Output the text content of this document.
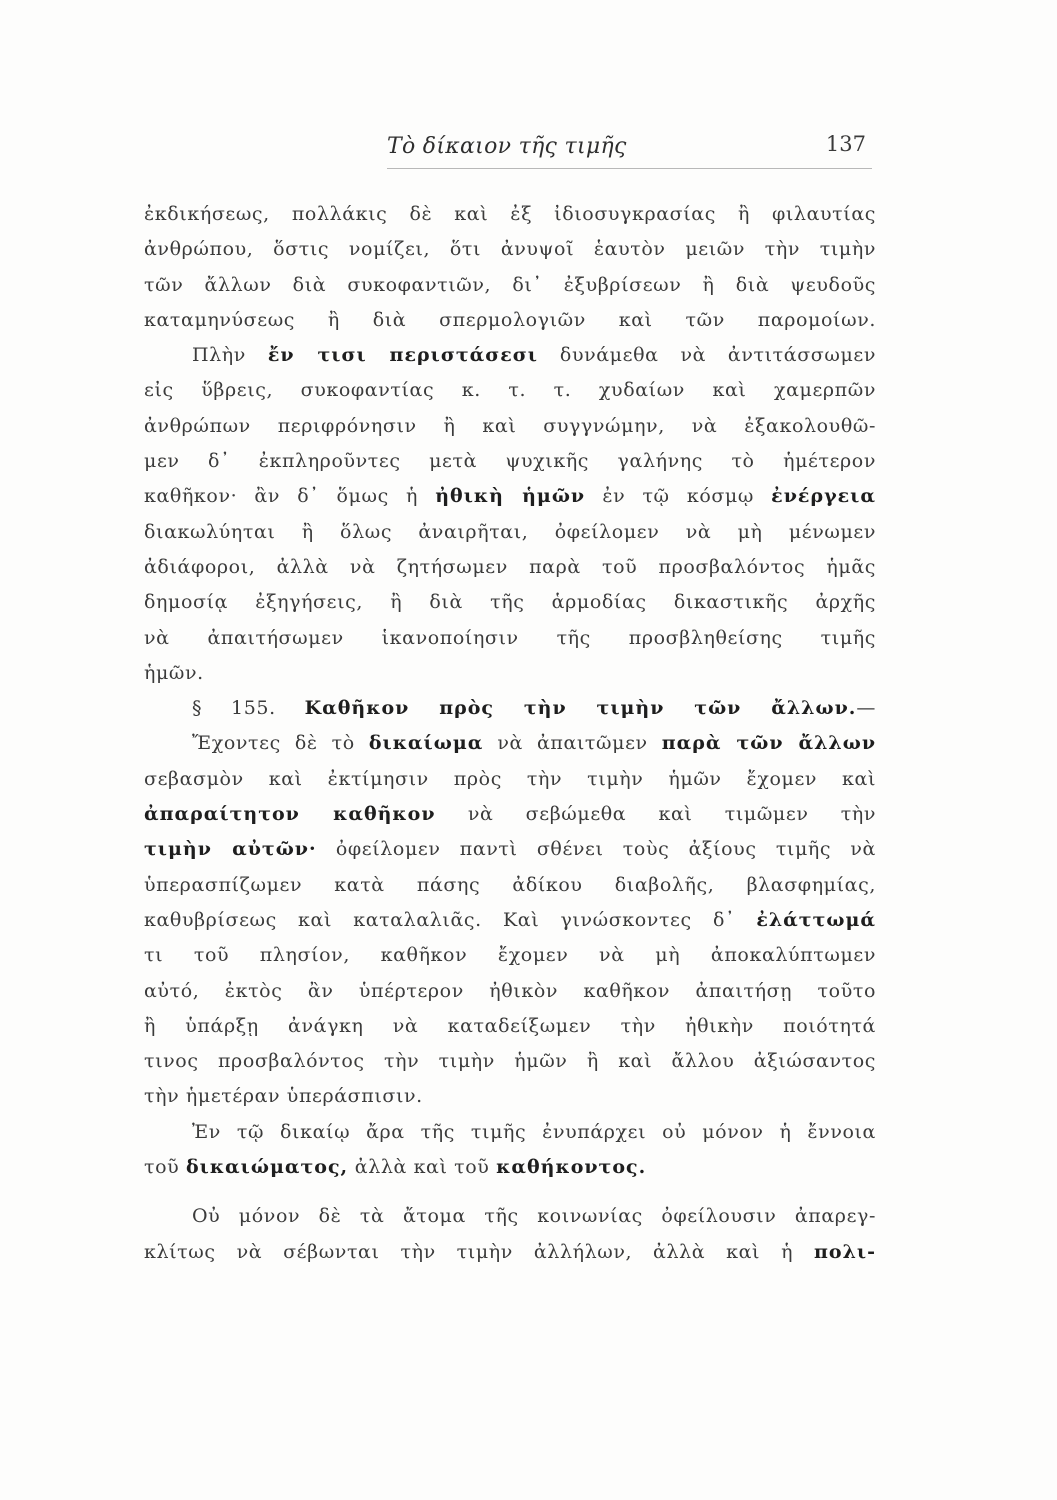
Τὸ δίκαιον τῆς τιμῆς	137
ἐκδικήσεως, πολλάκις δὲ καὶ ἐξ ἰδιοσυγκρασίας ἢ φιλαυτίας
ἀνθρώπου, ὅστις νομίζει, ὅτι ἀνυψοῖ ἑαυτὸν μειῶν τὴν τιμὴν
τῶν ἄλλων διὰ συκοφαντιῶν, δι᾿ ἐξυβρίσεων ἢ διὰ ψευδοῦς
καταμηνύσεως ἢ διὰ σπερμολογιῶν καὶ τῶν παρομοίων.
Πλὴν ἔν τισι περιστάσεσι δυνάμεθα νὰ ἀντιτάσσωμεν
εἰς ὕβρεις, συκοφαντίας κ. τ. τ. χυδαίων καὶ χαμερπῶν
ἀνθρώπων περιφρόνησιν ἢ καὶ συγγνώμην, νὰ ἐξακολουθῶ-
μεν δ᾿ ἐκπληροῦντες μετὰ ψυχικῆς γαλήνης τὸ ἡμέτερον
καθῆκον· ἂν δ᾿ ὅμως ἡ ἠθικὴ ἡμῶν ἐν τῷ κόσμῳ ἐνέργεια
διακωλύηται ἢ ὅλως ἀναιρῆται, ὀφείλομεν νὰ μὴ μένωμεν
ἀδιάφοροι, ἀλλὰ νὰ ζητήσωμεν παρὰ τοῦ προσβαλόντος ἡμᾶς
δημοσίᾳ ἐξηγήσεις, ἢ διὰ τῆς ἁρμοδίας δικαστικῆς ἀρχῆς
νὰ ἀπαιτήσωμεν ἱκανοποίησιν τῆς προσβληθείσης τιμῆς
ἡμῶν.
§ 155. Καθῆκον πρὸς τὴν τιμὴν τῶν ἄλλων.—
Ἔχοντες δὲ τὸ δικαίωμα νὰ ἀπαιτῶμεν παρὰ τῶν ἄλλων
σεβασμὸν καὶ ἐκτίμησιν πρὸς τὴν τιμὴν ἡμῶν ἔχομεν καὶ
ἀπαραίτητον καθῆκον νὰ σεβώμεθα καὶ τιμῶμεν τὴν
τιμὴν αὐτῶν· ὀφείλομεν παντὶ σθένει τοὺς ἀξίους τιμῆς νὰ
ὑπερασπίζωμεν κατὰ πάσης ἀδίκου διαβολῆς, βλασφημίας,
καθυβρίσεως καὶ καταλαλιᾶς. Καὶ γινώσκοντες δ᾿ ἐλάττωμά
τι τοῦ πλησίον, καθῆκον ἔχομεν νὰ μὴ ἀποκαλύπτωμεν
αὐτό, ἐκτὸς ἂν ὑπέρτερον ἠθικὸν καθῆκον ἀπαιτήσῃ τοῦτο
ἢ ὑπάρξῃ ἀνάγκη νὰ καταδείξωμεν τὴν ἠθικὴν ποιότητά
τινος προσβαλόντος τὴν τιμὴν ἡμῶν ἢ καὶ ἄλλου ἀξιώσαντος
τὴν ἡμετέραν ὑπεράσπισιν.
Ἐν τῷ δικαίῳ ἄρα τῆς τιμῆς ἐνυπάρχει οὐ μόνον ἡ ἔννοια
τοῦ δικαιώματος, ἀλλὰ καὶ τοῦ καθήκοντος.
Οὐ μόνον δὲ τὰ ἄτομα τῆς κοινωνίας ὀφείλουσιν ἀπαρεγ-
κλίτως νὰ σέβωνται τὴν τιμὴν ἀλλήλων, ἀλλὰ καὶ ἡ πολι-
